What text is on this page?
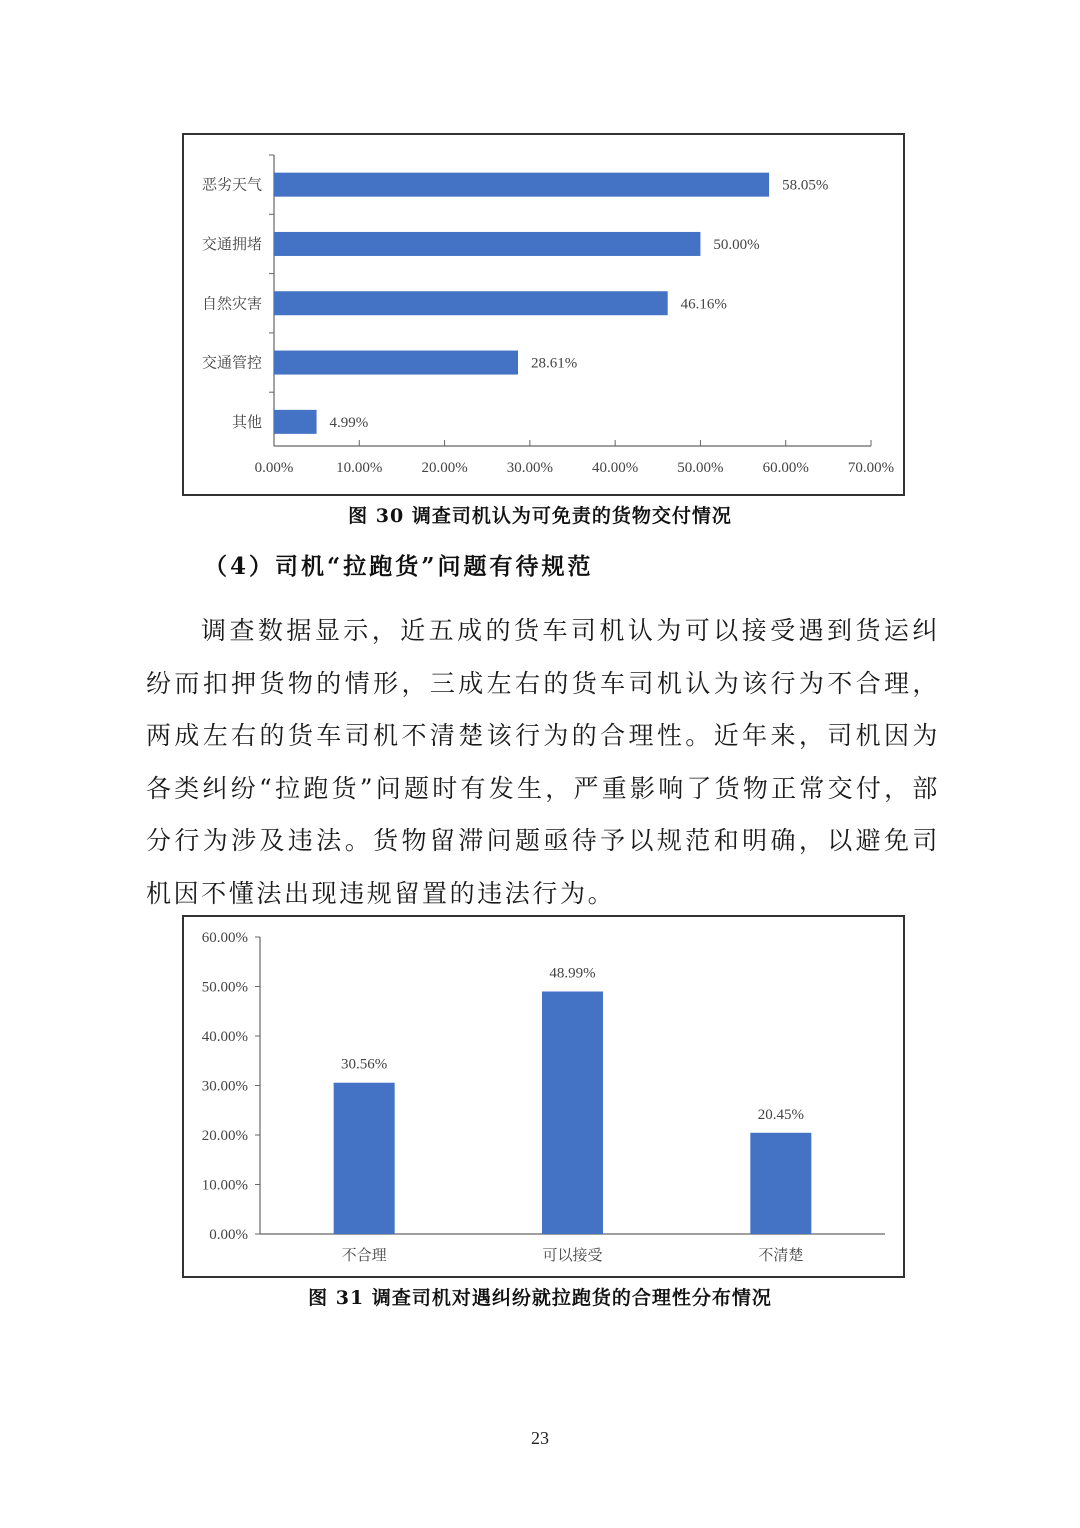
0.00%	10.00%	20.00%	30.00%	40.00%	50.00%	60.00%	70.00%
恶劣天气	58.05%
交通拥堵	50.00%
自然灾害	46.16%
交通管控	28.61%
其他	4.99%
图 30 调查司机认为可免责的货物交付情况
（4）司机“拉跑货”问题有待规范
调查数据显示，近五成的货车司机认为可以接受遇到货运纠纷而扣押货物的情形，三成左右的货车司机认为该行为不合理，两成左右的货车司机不清楚该行为的合理性。近年来，司机因为各类纠纷“拉跑货”问题时有发生，严重影响了货物正常交付，部分行为涉及违法。货物留滞问题亟待予以规范和明确，以避免司机因不懂法出现违规留置的违法行为。
0.00%
10.00%
20.00%
30.00%
40.00%
50.00%
60.00%
30.56%
不合理
48.99%
可以接受
20.45%
不清楚
图 31 调查司机对遇纠纷就拉跑货的合理性分布情况
23
